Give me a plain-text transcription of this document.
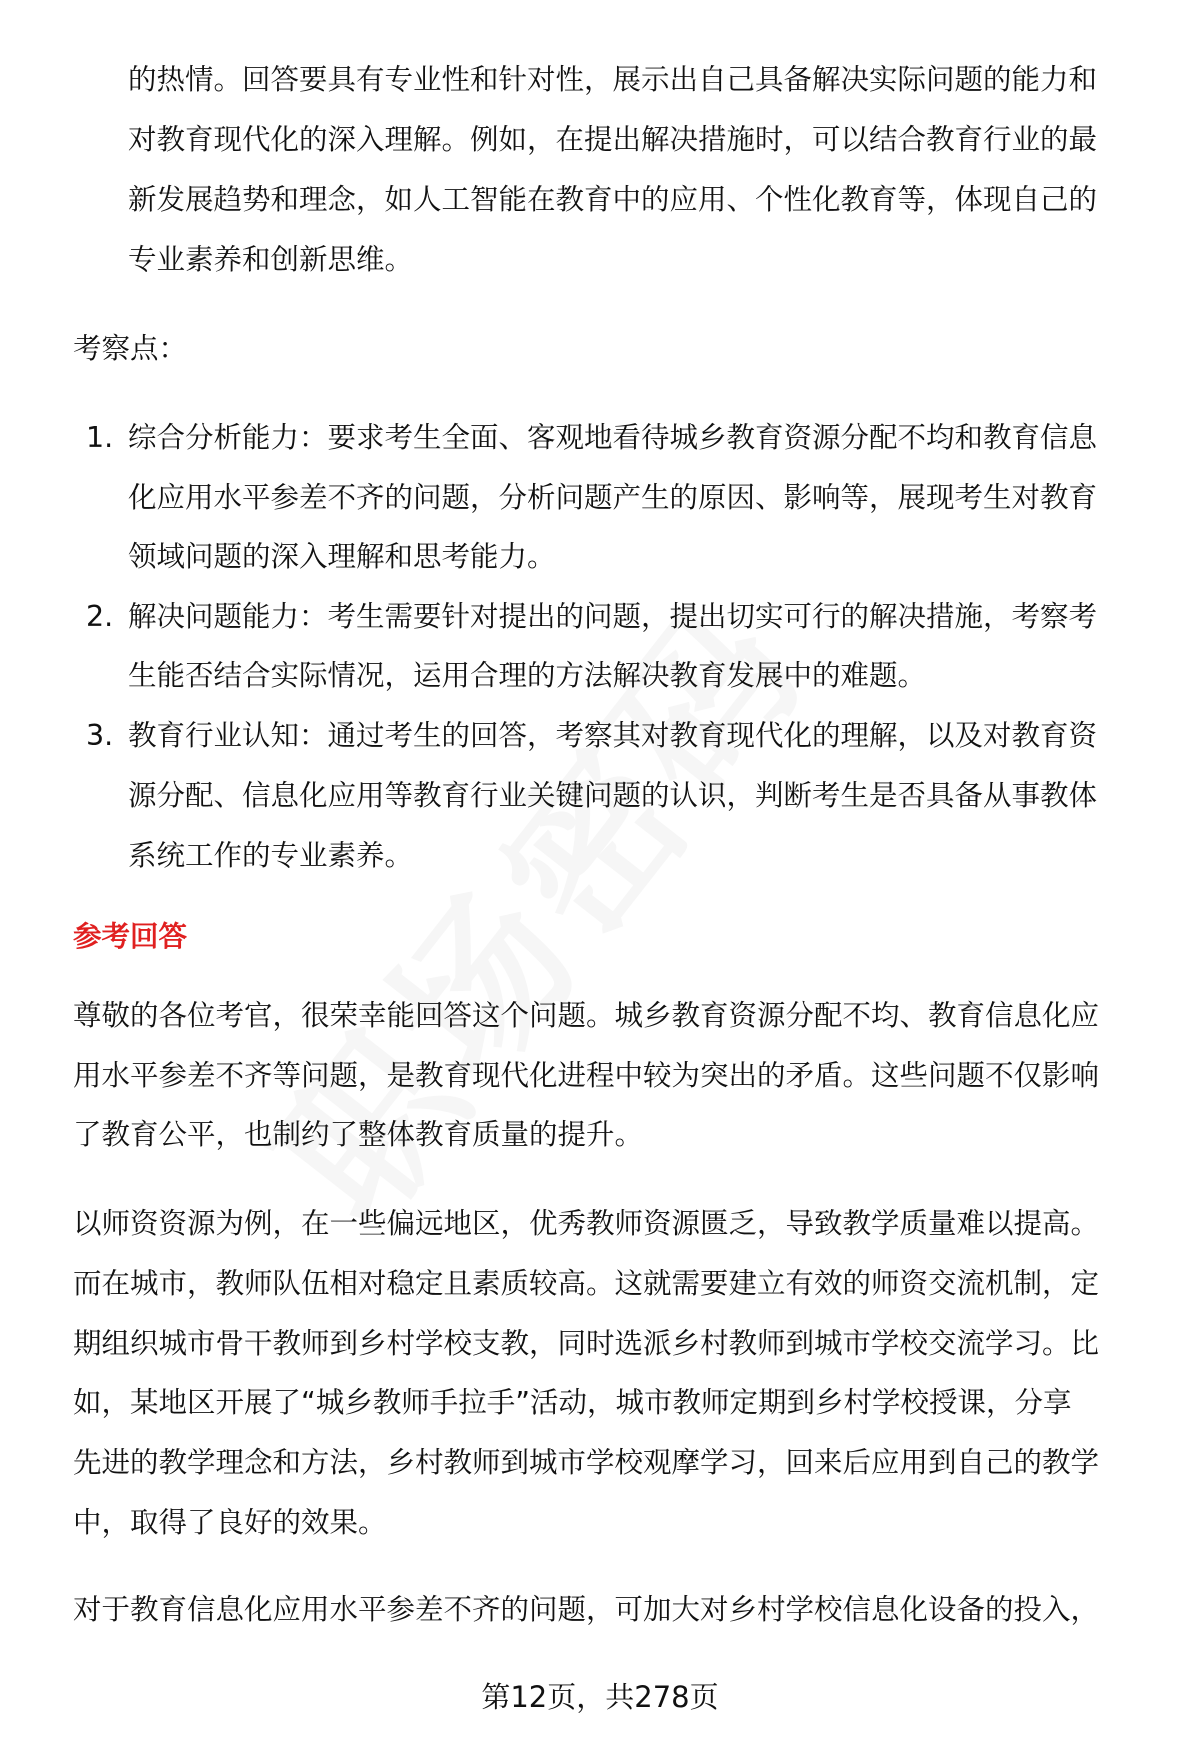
的热情。回答要具有专业性和针对性，展示出自己具备解决实际问题的能力和
对教育现代化的深入理解。例如，在提出解决措施时，可以结合教育行业的最
新发展趋势和理念，如人工智能在教育中的应用、个性化教育等，体现自己的
专业素养和创新思维。
考察点：
1. 综合分析能力：要求考生全面、客观地看待城乡教育资源分配不均和教育信息
化应用水平参差不齐的问题，分析问题产生的原因、影响等，展现考生对教育
领域问题的深入理解和思考能力。
2. 解决问题能力：考生需要针对提出的问题，提出切实可行的解决措施，考察考
生能否结合实际情况，运用合理的方法解决教育发展中的难题。
3. 教育行业认知：通过考生的回答，考察其对教育现代化的理解，以及对教育资
源分配、信息化应用等教育行业关键问题的认识，判断考生是否具备从事教体
系统工作的专业素养。
参考回答
尊敬的各位考官，很荣幸能回答这个问题。城乡教育资源分配不均、教育信息化应
用水平参差不齐等问题，是教育现代化进程中较为突出的矛盾。这些问题不仅影响
了教育公平，也制约了整体教育质量的提升。
以师资资源为例，在一些偏远地区，优秀教师资源匮乏，导致教学质量难以提高。
而在城市，教师队伍相对稳定且素质较高。这就需要建立有效的师资交流机制，定
期组织城市骨干教师到乡村学校支教，同时选派乡村教师到城市学校交流学习。比
如，某地区开展了“城乡教师手拉手”活动，城市教师定期到乡村学校授课，分享
先进的教学理念和方法，乡村教师到城市学校观摩学习，回来后应用到自己的教学
中，取得了良好的效果。
对于教育信息化应用水平参差不齐的问题，可加大对乡村学校信息化设备的投入，
第12页，共278页
